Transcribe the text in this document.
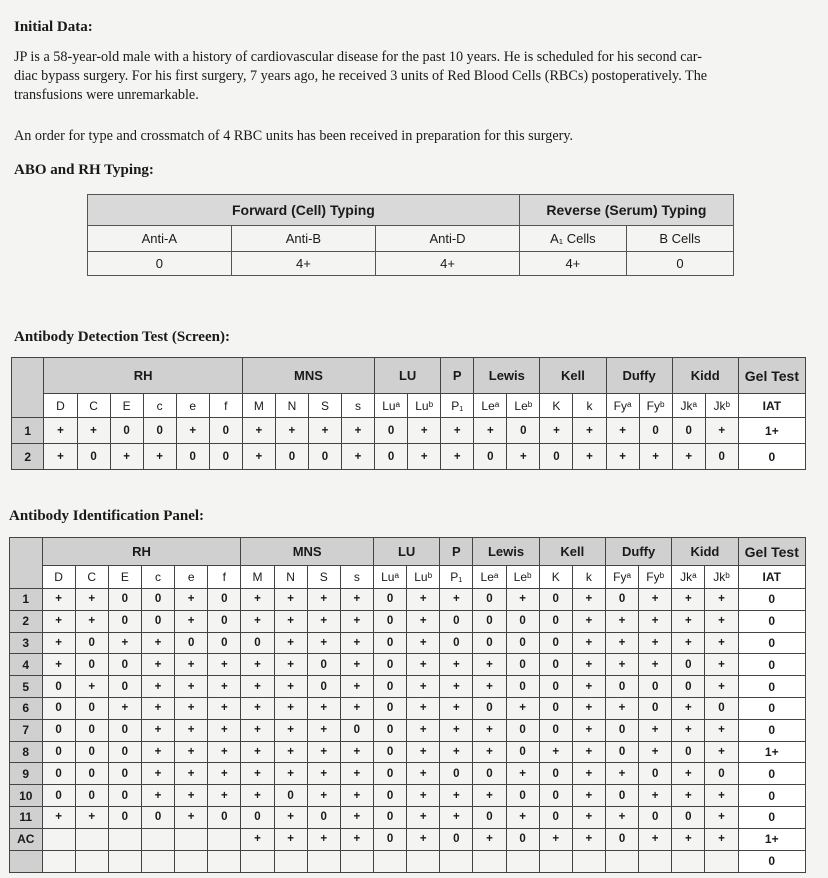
Initial Data:
JP is a 58-year-old male with a history of cardiovascular disease for the past 10 years. He is scheduled for his second car-
diac bypass surgery. For his first surgery, 7 years ago, he received 3 units of Red Blood Cells (RBCs) postoperatively. The
transfusions were unremarkable.
An order for type and crossmatch of 4 RBC units has been received in preparation for this surgery.
ABO and RH Typing:
Forward (Cell) Typing			Reverse (Serum) Typing	
Anti-A	Anti-B	Anti-D	A₁ Cells	B Cells
0	4+	4+	4+	0
Antibody Detection Test (Screen):
	RH						MNS				LU		P	Lewis		Kell		Duffy		Kidd		Gel Test
	D	C	E	c	e	f	M	N	S	s	Luᵃ	Luᵇ	P₁	Leᵃ	Leᵇ	K	k	Fyᵃ	Fyᵇ	Jkᵃ	Jkᵇ	IAT
1	+	+	0	0	+	0	+	+	+	+	0	+	+	+	0	+	+	+	0	0	+	1+
2	+	0	+	+	0	0	+	0	0	+	0	+	+	0	+	0	+	+	+	+	0	0
Antibody Identification Panel:
	RH						MNS				LU		P	Lewis		Kell		Duffy		Kidd		Gel Test
	D	C	E	c	e	f	M	N	S	s	Luᵃ	Luᵇ	P₁	Leᵃ	Leᵇ	K	k	Fyᵃ	Fyᵇ	Jkᵃ	Jkᵇ	IAT
1	+	+	0	0	+	0	+	+	+	+	0	+	+	0	+	0	+	0	+	+	+	0
2	+	+	0	0	+	0	+	+	+	+	0	+	0	0	0	0	+	+	+	+	+	0
3	+	0	+	+	0	0	0	+	+	+	0	+	0	0	0	0	+	+	+	+	+	0
4	+	0	0	+	+	+	+	+	0	+	0	+	+	+	0	0	+	+	+	0	+	0
5	0	+	0	+	+	+	+	+	0	+	0	+	+	+	0	0	+	0	0	0	+	0
6	0	0	+	+	+	+	+	+	+	+	0	+	+	0	+	0	+	+	0	+	0	0
7	0	0	0	+	+	+	+	+	+	0	0	+	+	+	0	0	+	0	+	+	+	0
8	0	0	0	+	+	+	+	+	+	+	0	+	+	+	0	+	+	0	+	0	+	1+
9	0	0	0	+	+	+	+	+	+	+	0	+	0	0	+	0	+	+	0	+	0	0
10	0	0	0	+	+	+	+	0	+	+	0	+	+	+	0	0	+	0	+	+	+	0
11	+	+	0	0	+	0	0	+	0	+	0	+	+	0	+	0	+	+	0	0	+	0
AC							+	+	+	+	0	+	0	+	0	+	+	0	+	+	+	1+
																						0
